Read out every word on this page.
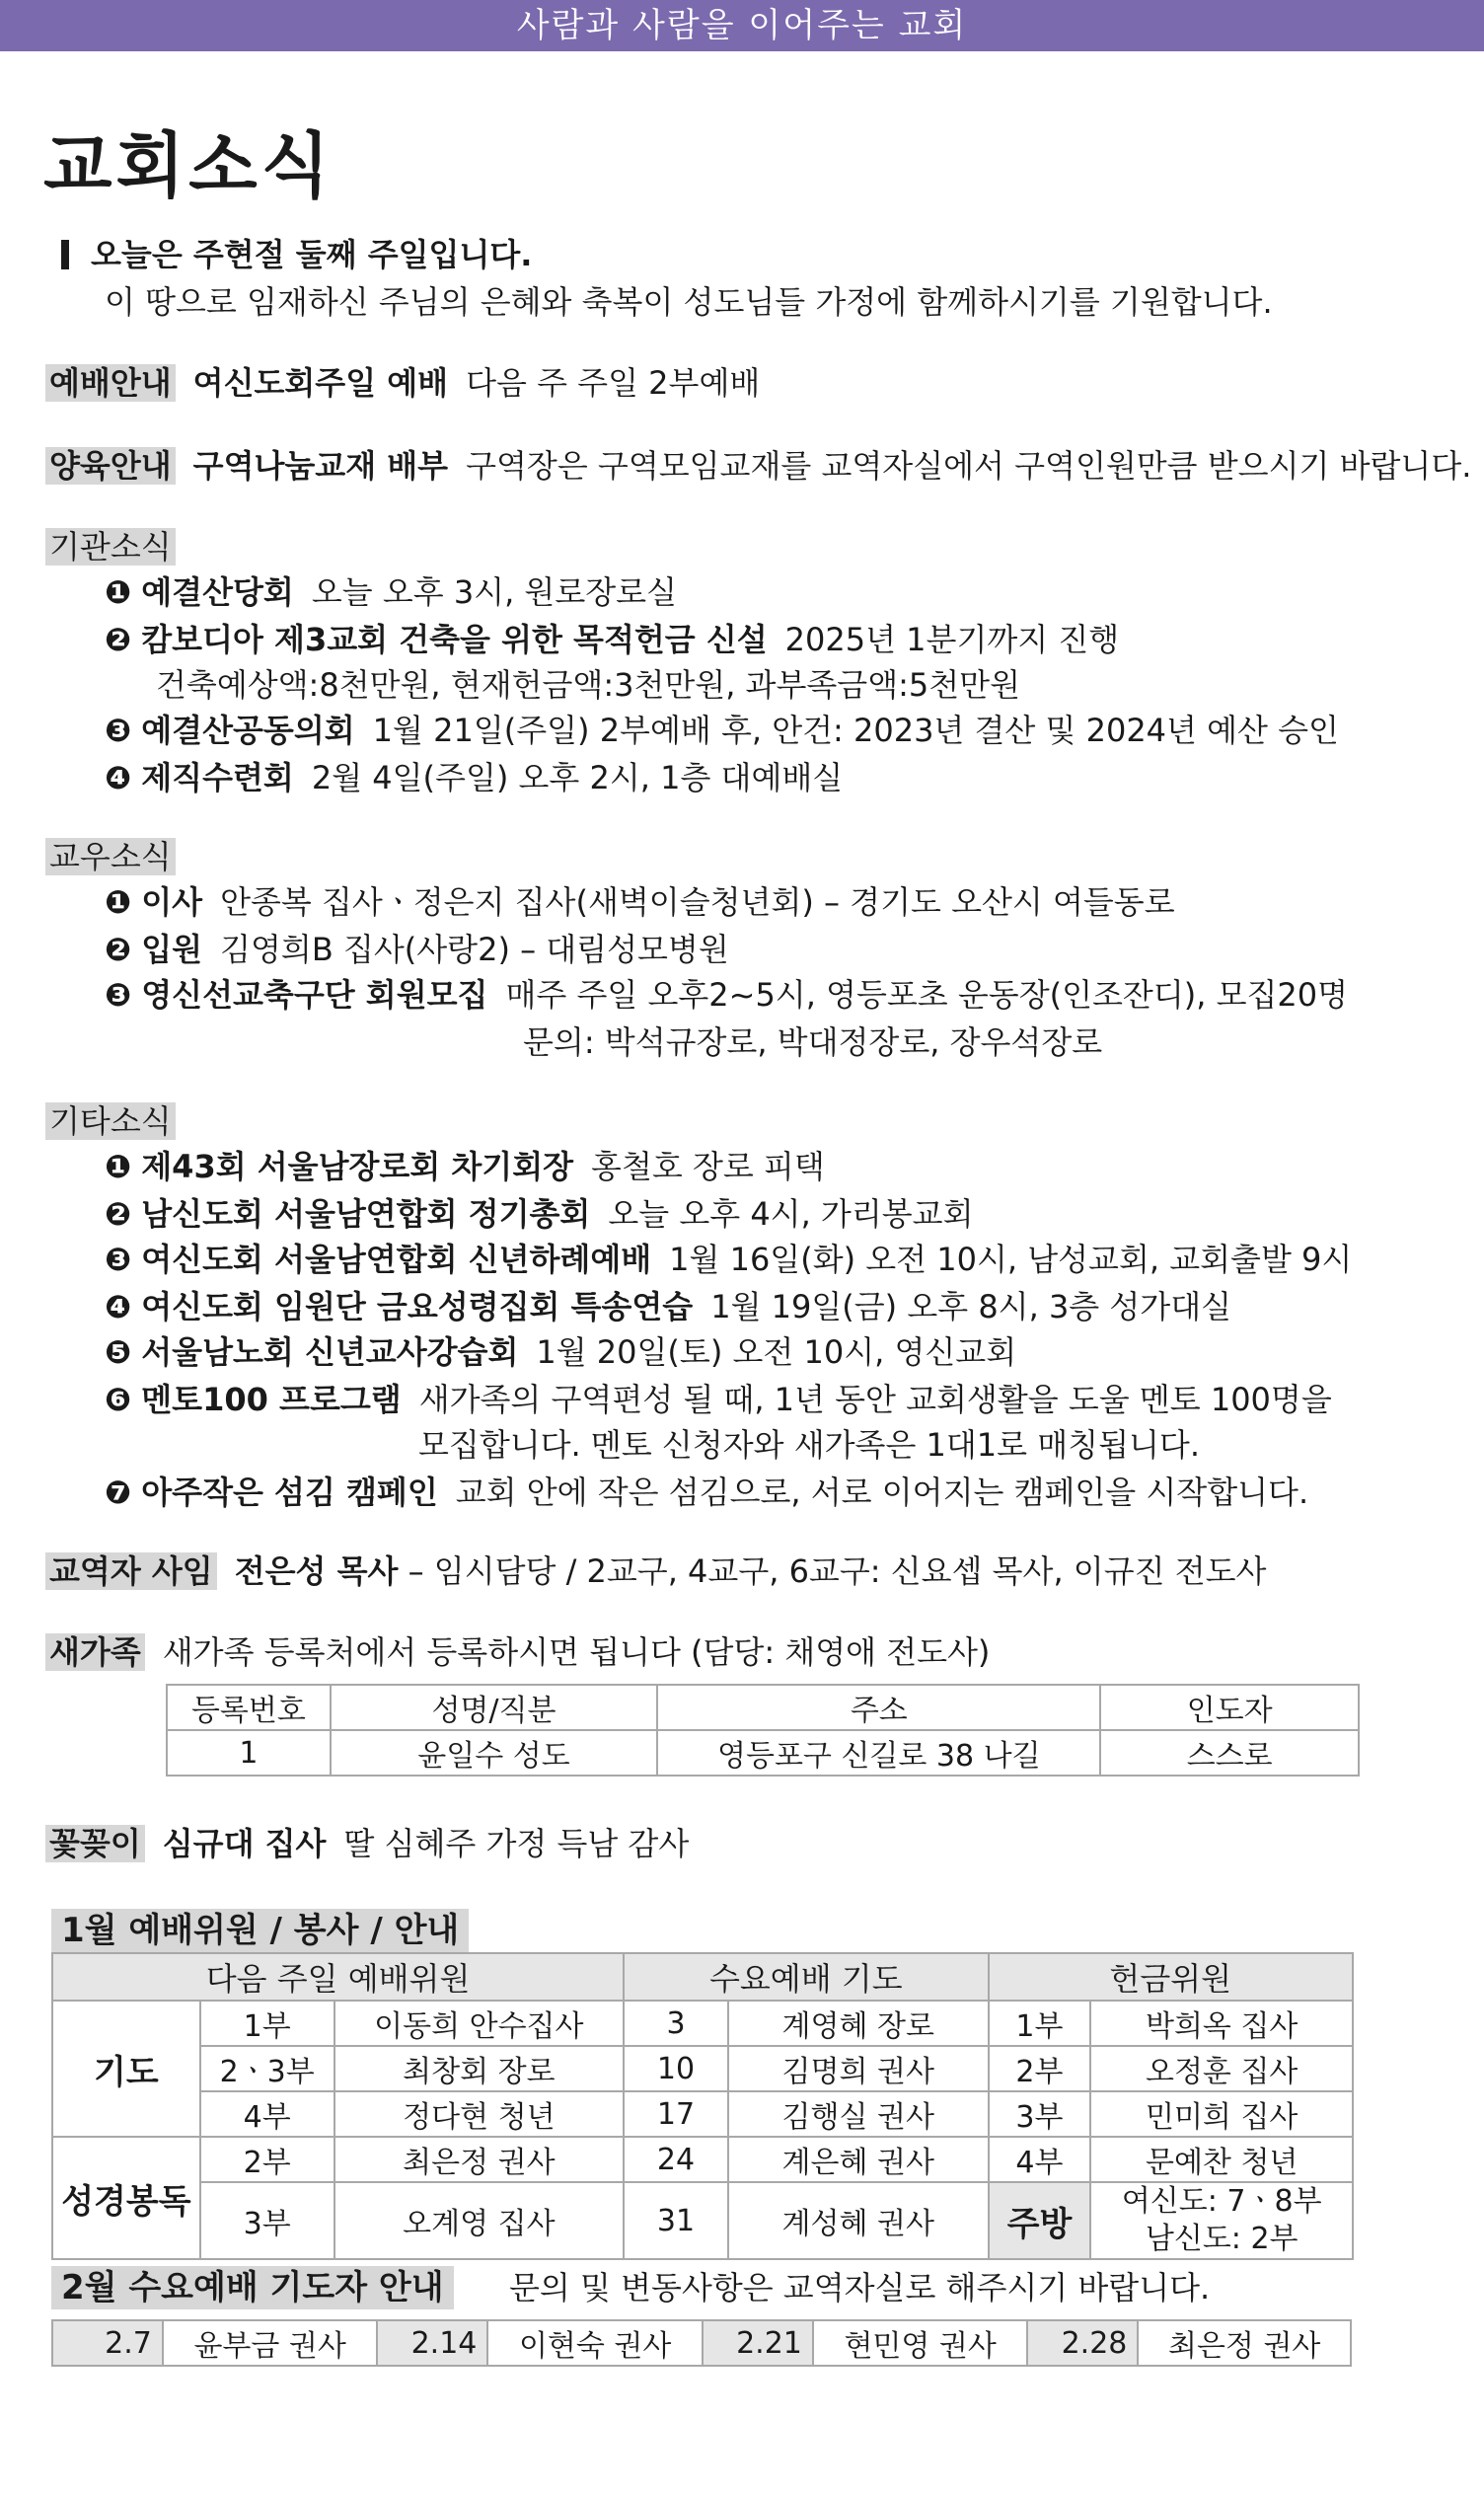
사람과 사람을 이어주는 교회
교회소식
오늘은 주현절 둘째 주일입니다.
이 땅으로 임재하신 주님의 은혜와 축복이 성도님들 가정에 함께하시기를 기원합니다.
예배안내 여신도회주일 예배 다음 주 주일 2부예배
양육안내 구역나눔교재 배부 구역장은 구역모임교재를 교역자실에서 구역인원만큼 받으시기 바랍니다.
기관소식
❶ 예결산당회 오늘 오후 3시, 원로장로실
❷ 캄보디아 제3교회 건축을 위한 목적헌금 신설 2025년 1분기까지 진행
건축예상액:8천만원, 현재헌금액:3천만원, 과부족금액:5천만원
❸ 예결산공동의회 1월 21일(주일) 2부예배 후, 안건: 2023년 결산 및 2024년 예산 승인
❹ 제직수련회 2월 4일(주일) 오후 2시, 1층 대예배실
교우소식
❶ 이사 안종복 집사ㆍ정은지 집사(새벽이슬청년회) – 경기도 오산시 여들동로
❷ 입원 김영희B 집사(사랑2) – 대림성모병원
❸ 영신선교축구단 회원모집 매주 주일 오후2~5시, 영등포초 운동장(인조잔디), 모집20명
문의: 박석규장로, 박대정장로, 장우석장로
기타소식
❶ 제43회 서울남장로회 차기회장 홍철호 장로 피택
❷ 남신도회 서울남연합회 정기총회 오늘 오후 4시, 가리봉교회
❸ 여신도회 서울남연합회 신년하례예배 1월 16일(화) 오전 10시, 남성교회, 교회출발 9시
❹ 여신도회 임원단 금요성령집회 특송연습 1월 19일(금) 오후 8시, 3층 성가대실
❺ 서울남노회 신년교사강습회 1월 20일(토) 오전 10시, 영신교회
❻ 멘토100 프로그램 새가족의 구역편성 될 때, 1년 동안 교회생활을 도울 멘토 100명을
모집합니다. 멘토 신청자와 새가족은 1대1로 매칭됩니다.
❼ 아주작은 섬김 캠페인 교회 안에 작은 섬김으로, 서로 이어지는 캠페인을 시작합니다.
교역자 사임 전은성 목사 – 임시담당 / 2교구, 4교구, 6교구: 신요셉 목사, 이규진 전도사
새가족 새가족 등록처에서 등록하시면 됩니다 (담당: 채영애 전도사)
등록번호	성명/직분	주소	인도자
1	윤일수 성도	영등포구 신길로 38 나길	스스로
꽃꽂이 심규대 집사 딸 심혜주 가정 득남 감사
1월 예배위원 / 봉사 / 안내
다음 주일 예배위원			수요예배 기도		헌금위원	
기도	1부	이동희 안수집사	3	계영혜 장로	1부	박희옥 집사
	2ㆍ3부	최창회 장로	10	김명희 권사	2부	오정훈 집사
	4부	정다현 청년	17	김행실 권사	3부	민미희 집사
성경봉독	2부	최은정 권사	24	계은혜 권사	4부	문예찬 청년
	3부	오계영 집사	31	계성혜 권사	주방	여신도: 7ㆍ8부
남신도: 2부
2월 수요예배 기도자 안내	문의 및 변동사항은 교역자실로 해주시기 바랍니다.
2.7	윤부금 권사	2.14	이현숙 권사	2.21	현민영 권사	2.28	최은정 권사
